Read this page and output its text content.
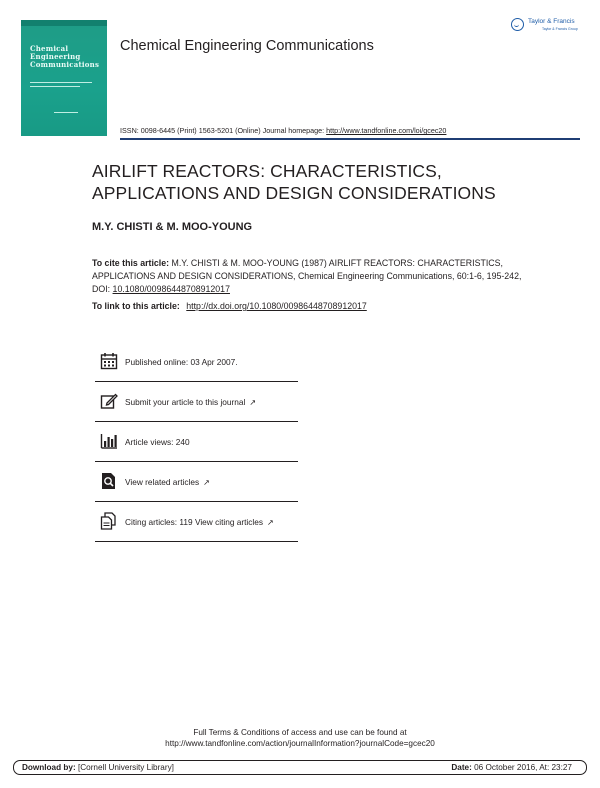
Chemical Engineering Communications
Chemical Engineering Communications
Taylor & Francis
Taylor & Francis Group
ISSN: 0098-6445 (Print) 1563-5201 (Online) Journal homepage: http://www.tandfonline.com/loi/gcec20
AIRLIFT REACTORS: CHARACTERISTICS,
APPLICATIONS AND DESIGN CONSIDERATIONS
M.Y. CHISTI & M. MOO-YOUNG
To cite this article: M.Y. CHISTI & M. MOO-YOUNG (1987) AIRLIFT REACTORS: CHARACTERISTICS, APPLICATIONS AND DESIGN CONSIDERATIONS, Chemical Engineering Communications, 60:1-6, 195-242, DOI: 10.1080/00986448708912017
To link to this article: http://dx.doi.org/10.1080/00986448708912017
Published online: 03 Apr 2007.
Submit your article to this journal ↗
Article views: 240
View related articles ↗
Citing articles: 119 View citing articles ↗
Full Terms & Conditions of access and use can be found at
http://www.tandfonline.com/action/journalInformation?journalCode=gcec20
Download by: [Cornell University Library]	Date: 06 October 2016, At: 23:27
